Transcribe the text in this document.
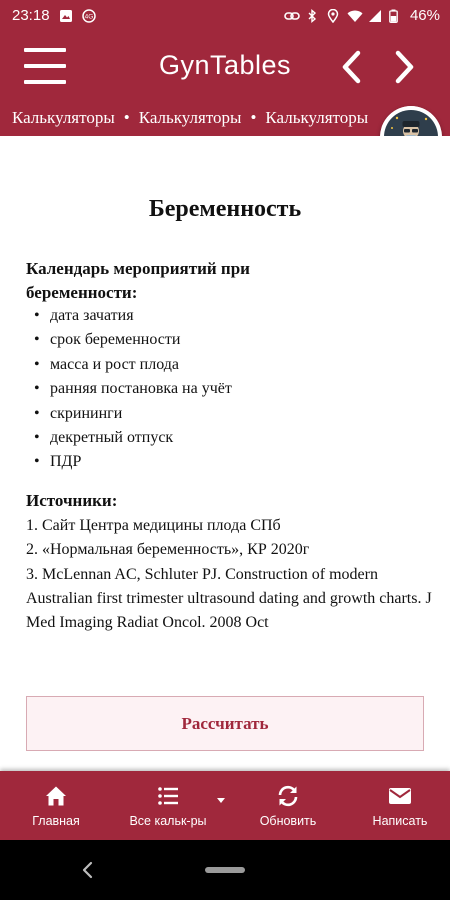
23:18	4G	46%
GynTables
Калькуляторы • Калькуляторы • Калькуляторы
Беременность
Календарь мероприятий при беременности:
• дата зачатия
• срок беременности
• масса и рост плода
• ранняя постановка на учёт
• скрининги
• декретный отпуск
• ПДР
Источники:
1. Сайт Центра медицины плода СПб
2. «Нормальная беременность», КР 2020г
3. McLennan AC, Schluter PJ. Construction of modern Australian first trimester ultrasound dating and growth charts. J Med Imaging Radiat Oncol. 2008 Oct
Рассчитать
Главная	Все кальк-ры	Обновить	Написать
